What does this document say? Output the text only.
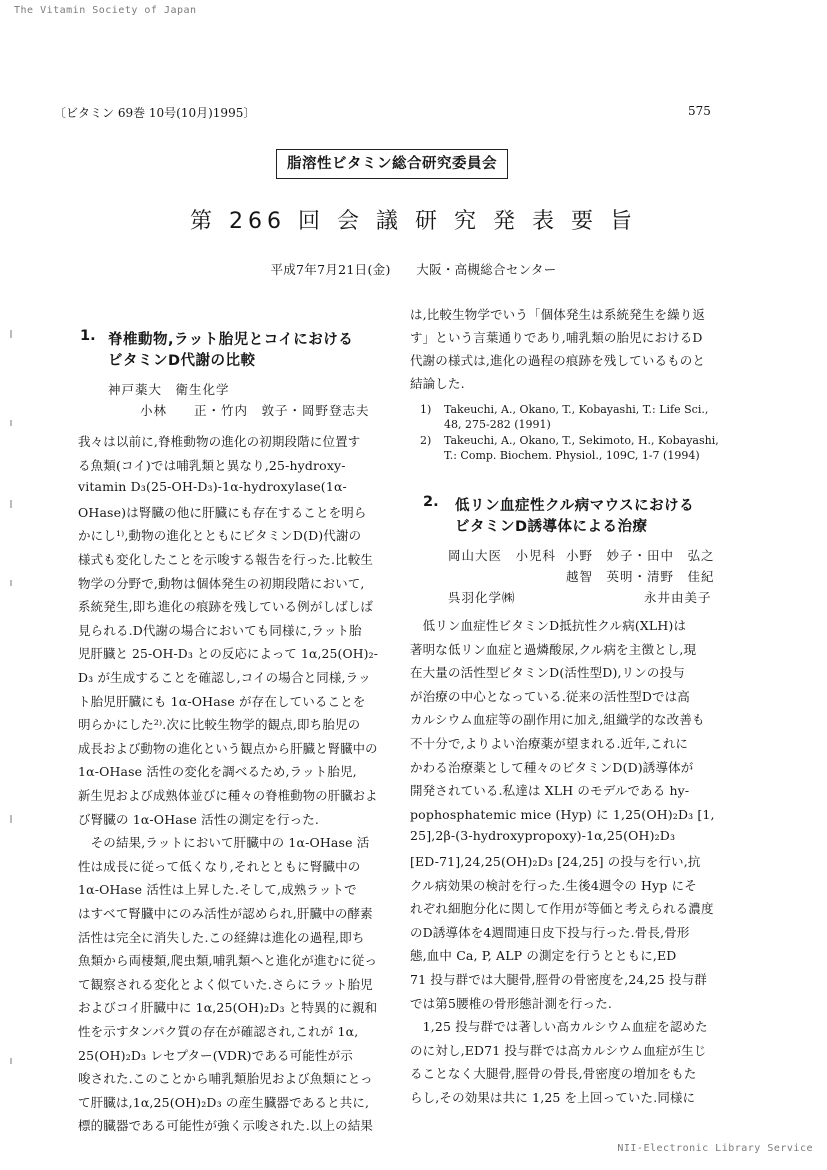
The Vitamin Society of Japan
NII-Electronic Library Service
〔ビタミン 69巻 10号(10月)1995〕	575
脂溶性ビタミン総合研究委員会
第 266 回 会 議 研 究 発 表 要 旨
平成7年7月21日(金)　　大阪・高槻総合センター
1. 脊椎動物,ラット胎児とコイにおける
ビタミンD代謝の比較
神戸薬大　衛生化学
小林　　正・竹内　敦子・岡野登志夫
我々は以前に,脊椎動物の進化の初期段階に位置す
る魚類(コイ)では哺乳類と異なり,25-hydroxy-
vitamin D₃(25-OH-D₃)-1α-hydroxylase(1α-
OHase)は腎臓の他に肝臓にも存在することを明ら
かにし¹⁾,動物の進化とともにビタミンD(D)代謝の
様式も変化したことを示唆する報告を行った.比較生
物学の分野で,動物は個体発生の初期段階において,
系統発生,即ち進化の痕跡を残している例がしばしば
見られる.D代謝の場合においても同様に,ラット胎
児肝臓と 25-OH-D₃ との反応によって 1α,25(OH)₂-
D₃ が生成することを確認し,コイの場合と同様,ラッ
ト胎児肝臓にも 1α-OHase が存在していることを
明らかにした²⁾.次に比較生物学的観点,即ち胎児の
成長および動物の進化という観点から肝臓と腎臓中の
1α-OHase 活性の変化を調べるため,ラット胎児,
新生児および成熟体並びに種々の脊椎動物の肝臓およ
び腎臓の 1α-OHase 活性の測定を行った.
　その結果,ラットにおいて肝臓中の 1α-OHase 活
性は成長に従って低くなり,それとともに腎臓中の
1α-OHase 活性は上昇した.そして,成熟ラットで
はすべて腎臓中にのみ活性が認められ,肝臓中の酵素
活性は完全に消失した.この経緯は進化の過程,即ち
魚類から両棲類,爬虫類,哺乳類へと進化が進むに従っ
て観察される変化とよく似ていた.さらにラット胎児
およびコイ肝臓中に 1α,25(OH)₂D₃ と特異的に親和
性を示すタンパク質の存在が確認され,これが 1α,
25(OH)₂D₃ レセプター(VDR)である可能性が示
唆された.このことから哺乳類胎児および魚類にとっ
て肝臓は,1α,25(OH)₂D₃ の産生臓器であると共に,
標的臓器である可能性が強く示唆された.以上の結果
は,比較生物学でいう「個体発生は系統発生を繰り返
す」という言葉通りであり,哺乳類の胎児におけるD
代謝の様式は,進化の過程の痕跡を残しているものと
結論した.
1) Takeuchi, A., Okano, T., Kobayashi, T.: Life Sci.,
48, 275-282 (1991)
2) Takeuchi, A., Okano, T., Sekimoto, H., Kobayashi,
T.: Comp. Biochem. Physiol., 109C, 1-7 (1994)
2. 低リン血症性クル病マウスにおける
ビタミンD誘導体による治療
岡山大医　小児科 小野　妙子・田中　弘之
越智　英明・清野　佳紀
呉羽化学㈱	永井由美子
　低リン血症性ビタミンD抵抗性クル病(XLH)は
著明な低リン血症と過燐酸尿,クル病を主徴とし,現
在大量の活性型ビタミンD(活性型D),リンの投与
が治療の中心となっている.従来の活性型Dでは高
カルシウム血症等の副作用に加え,組織学的な改善も
不十分で,よりよい治療薬が望まれる.近年,これに
かわる治療薬として種々のビタミンD(D)誘導体が
開発されている.私達は XLH のモデルである hy-
pophosphatemic mice (Hyp) に 1,25(OH)₂D₃ [1,
25],2β-(3-hydroxypropoxy)-1α,25(OH)₂D₃
[ED-71],24,25(OH)₂D₃ [24,25] の投与を行い,抗
クル病効果の検討を行った.生後4週令の Hyp にそ
れぞれ細胞分化に関して作用が等価と考えられる濃度
のD誘導体を4週間連日皮下投与行った.骨長,骨形
態,血中 Ca, P, ALP の測定を行うとともに,ED
71 投与群では大腿骨,脛骨の骨密度を,24,25 投与群
では第5腰椎の骨形態計測を行った.
　1,25 投与群では著しい高カルシウム血症を認めた
のに対し,ED71 投与群では高カルシウム血症が生じ
ることなく大腿骨,脛骨の骨長,骨密度の増加をもた
らし,その効果は共に 1,25 を上回っていた.同様に
